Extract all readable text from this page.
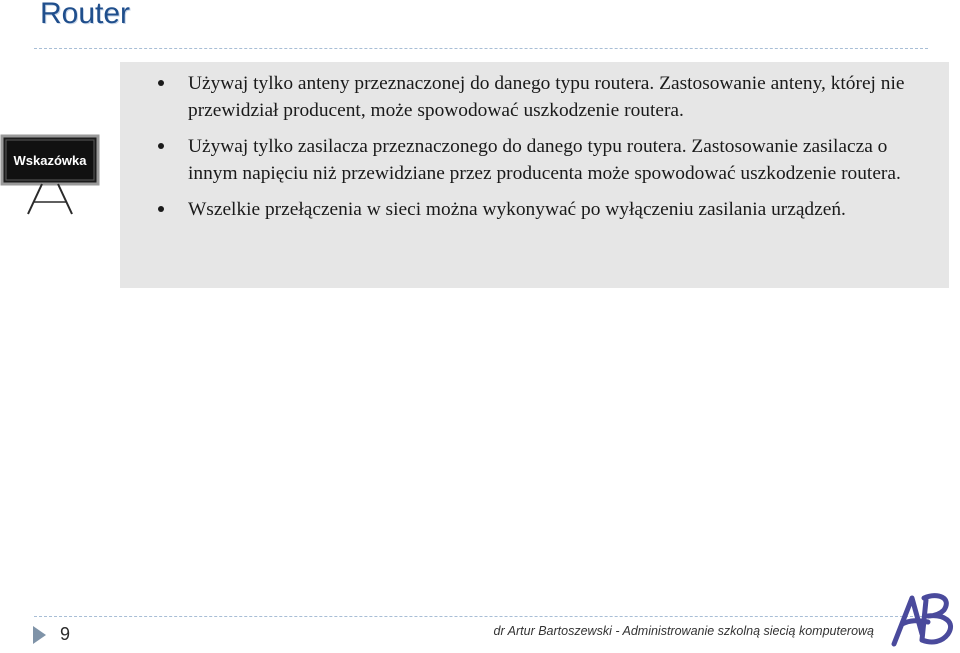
Router
Wskazówka
Używaj tylko anteny przeznaczonej do danego typu routera. Zastosowanie anteny, której nie przewidział producent, może spowodować uszkodzenie routera.
Używaj tylko zasilacza przeznaczonego do danego typu routera. Zastosowanie zasilacza o innym napięciu niż przewidziane przez producenta może spowodować uszkodzenie routera.
Wszelkie przełączenia w sieci można wykonywać po wyłączeniu zasilania urządzeń.
9	dr Artur Bartoszewski - Administrowanie szkolną siecią komputerową
